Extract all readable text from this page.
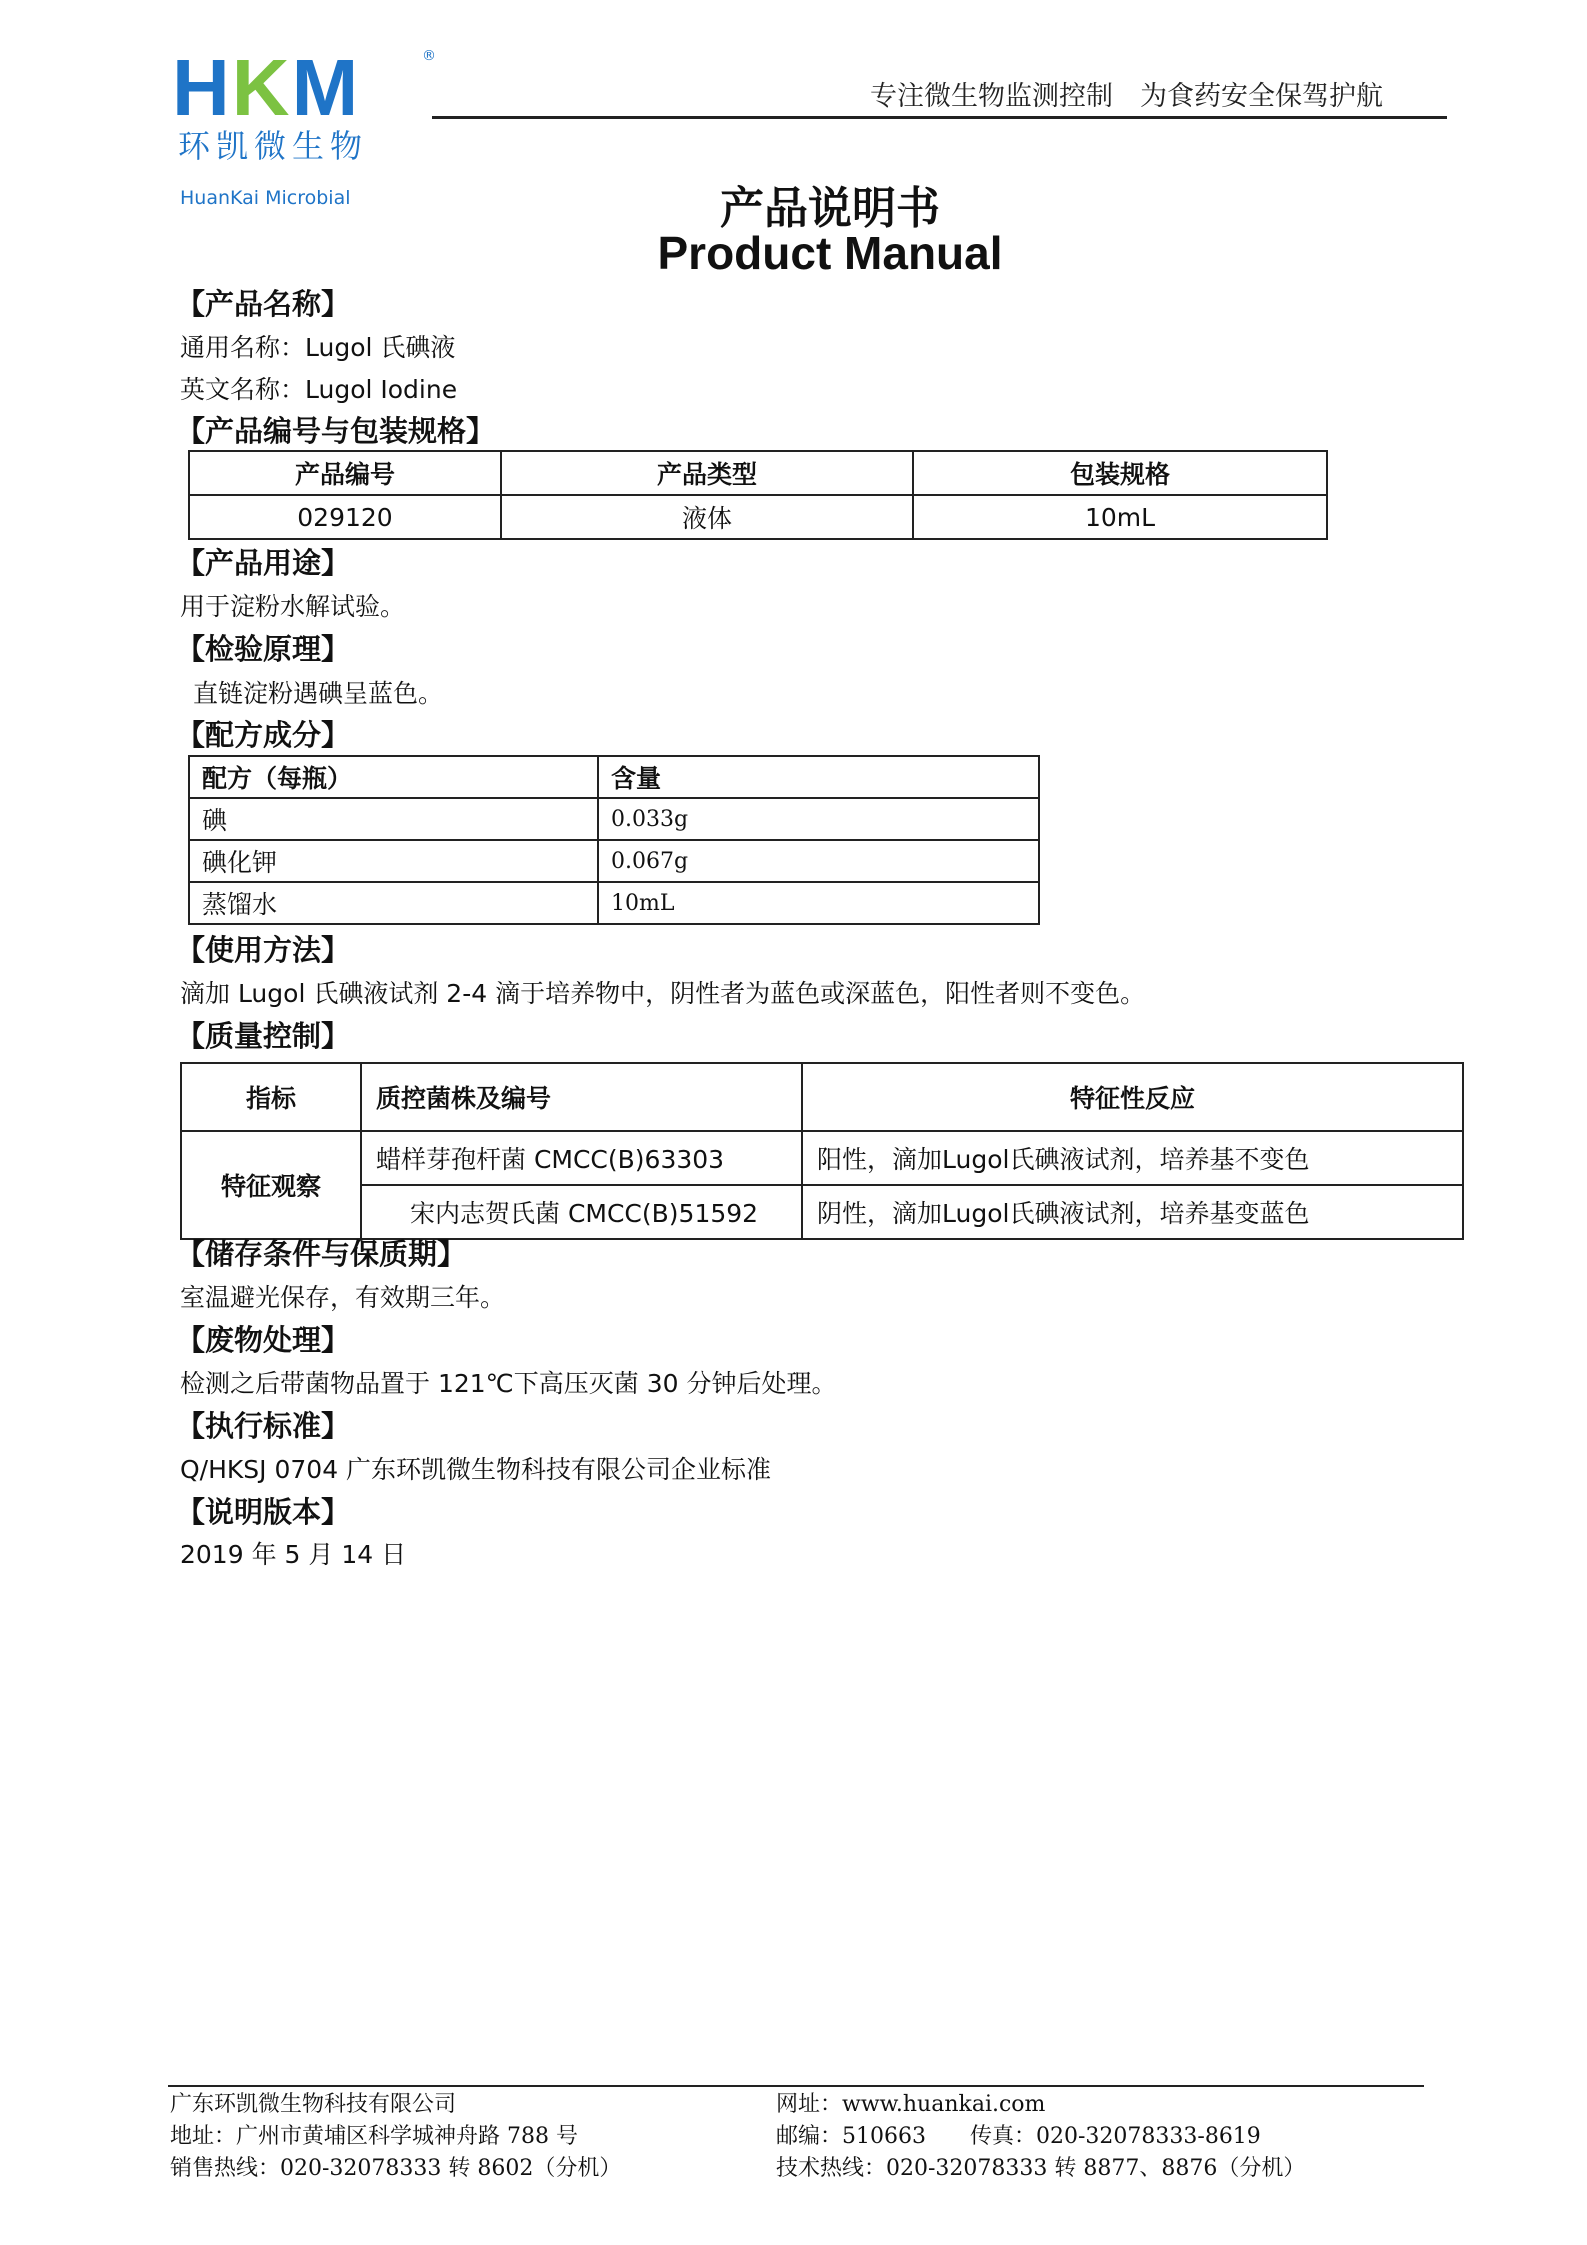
HKM	®
环凯微生物
HuanKai Microbial
专注微生物监测控制　为食药安全保驾护航
产品说明书
Product Manual
【产品名称】
通用名称：Lugol 氏碘液
英文名称：Lugol Iodine
【产品编号与包装规格】
产品编号	产品类型	包装规格
029120	液体	10mL
【产品用途】
用于淀粉水解试验。
【检验原理】
直链淀粉遇碘呈蓝色。
【配方成分】
配方（每瓶）	含量
碘	0.033g
碘化钾	0.067g
蒸馏水	10mL
【使用方法】
滴加 Lugol 氏碘液试剂 2-4 滴于培养物中，阴性者为蓝色或深蓝色，阳性者则不变色。
【质量控制】
指标	质控菌株及编号	特征性反应
特征观察	蜡样芽孢杆菌 CMCC(B)63303	阳性，滴加Lugol氏碘液试剂，培养基不变色
	宋内志贺氏菌 CMCC(B)51592	阴性，滴加Lugol氏碘液试剂，培养基变蓝色
【储存条件与保质期】
室温避光保存，有效期三年。
【废物处理】
检测之后带菌物品置于 121℃下高压灭菌 30 分钟后处理。
【执行标准】
Q/HKSJ 0704 广东环凯微生物科技有限公司企业标准
【说明版本】
2019 年 5 月 14 日
广东环凯微生物科技有限公司
地址：广州市黄埔区科学城神舟路 788 号
销售热线：020-32078333 转 8602（分机）
网址：www.huankai.com
邮编：510663　　传真：020-32078333-8619
技术热线：020-32078333 转 8877、8876（分机）
